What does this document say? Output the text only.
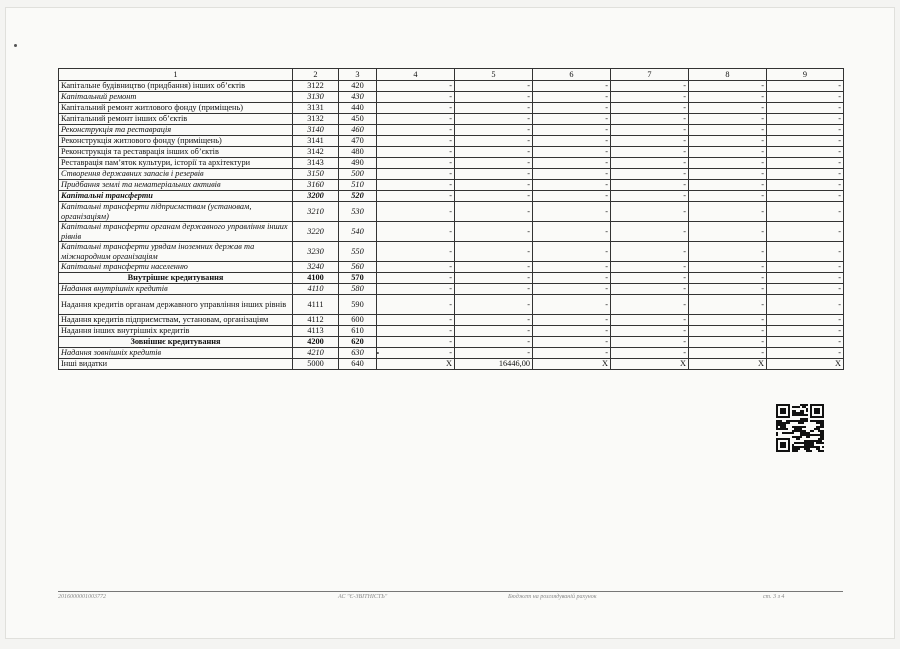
1	2	3	4	5	6	7	8	9
Капітальне будівництво (придбання) інших об’єктів	3122	420	-	-	-	-	-	-
Капітальний ремонт	3130	430	-	-	-	-	-	-
Капітальний ремонт житлового фонду (приміщень)	3131	440	-	-	-	-	-	-
Капітальний ремонт інших об’єктів	3132	450	-	-	-	-	-	-
Реконструкція та реставрація	3140	460	-	-	-	-	-	-
Реконструкція житлового фонду (приміщень)	3141	470	-	-	-	-	-	-
Реконструкція та реставрація інших об’єктів	3142	480	-	-	-	-	-	-
Реставрація пам’яток культури, історії та архітектури	3143	490	-	-	-	-	-	-
Створення державних запасів і резервів	3150	500	-	-	-	-	-	-
Придбання землі та нематеріальних активів	3160	510	-	-	-	-	-	-
Капітальні трансферти	3200	520	-	-	-	-	-	-
Капітальні трансферти підприємствам (установам, організаціям)	3210	530	-	-	-	-	-	-
Капітальні трансферти органам державного управління інших рівнів	3220	540	-	-	-	-	-	-
Капітальні трансферти урядам іноземних держав та міжнародним організаціям	3230	550	-	-	-	-	-	-
Капітальні трансферти населенню	3240	560	-	-	-	-	-	-
Внутрішнє кредитування	4100	570	-	-	-	-	-	-
Надання внутрішніх кредитів	4110	580	-	-	-	-	-	-
Надання кредитів органам державного управління інших рівнів	4111	590	-	-	-	-	-	-
Надання кредитів підприємствам, установам, організаціям	4112	600	-	-	-	-	-	-
Надання інших внутрішніх кредитів	4113	610	-	-	-	-	-	-
Зовнішнє кредитування	4200	620	-	-	-	-	-	-
Надання зовнішніх кредитів	4210	630	-	-	-	-	-	-
Інші видатки	5000	640	X	16446,00	X	X	X	X
2016000001003772	АС "Є-ЗВІТНІСТЬ"	Бюджет на розглядуваній рахунок	ст. 3 з 4
